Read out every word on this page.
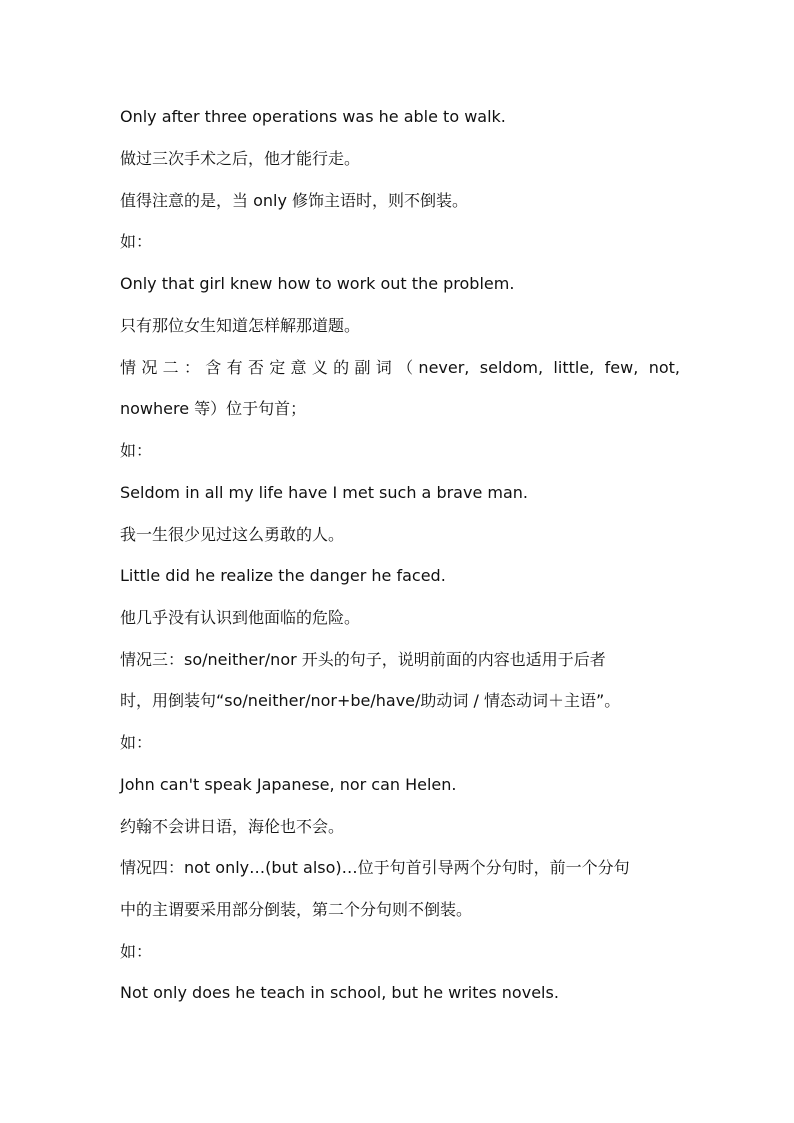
Only after three operations was he able to walk.
做过三次手术之后，他才能行走。
值得注意的是，当 only 修饰主语时，则不倒装。
如：
Only that girl knew how to work out the problem.
只有那位女生知道怎样解那道题。
情况二：含有否定意义的副词（never, seldom, little, few, not,
nowhere 等）位于句首；
如：
Seldom in all my life have I met such a brave man.
我一生很少见过这么勇敢的人。
Little did he realize the danger he faced.
他几乎没有认识到他面临的危险。
情况三：so/neither/nor 开头的句子，说明前面的内容也适用于后者
时，用倒装句“so/neither/nor+be/have/助动词 / 情态动词＋主语”。
如：
John can't speak Japanese, nor can Helen.
约翰不会讲日语，海伦也不会。
情况四：not only…(but also)…位于句首引导两个分句时，前一个分句
中的主谓要采用部分倒装，第二个分句则不倒装。
如：
Not only does he teach in school, but he writes novels.
